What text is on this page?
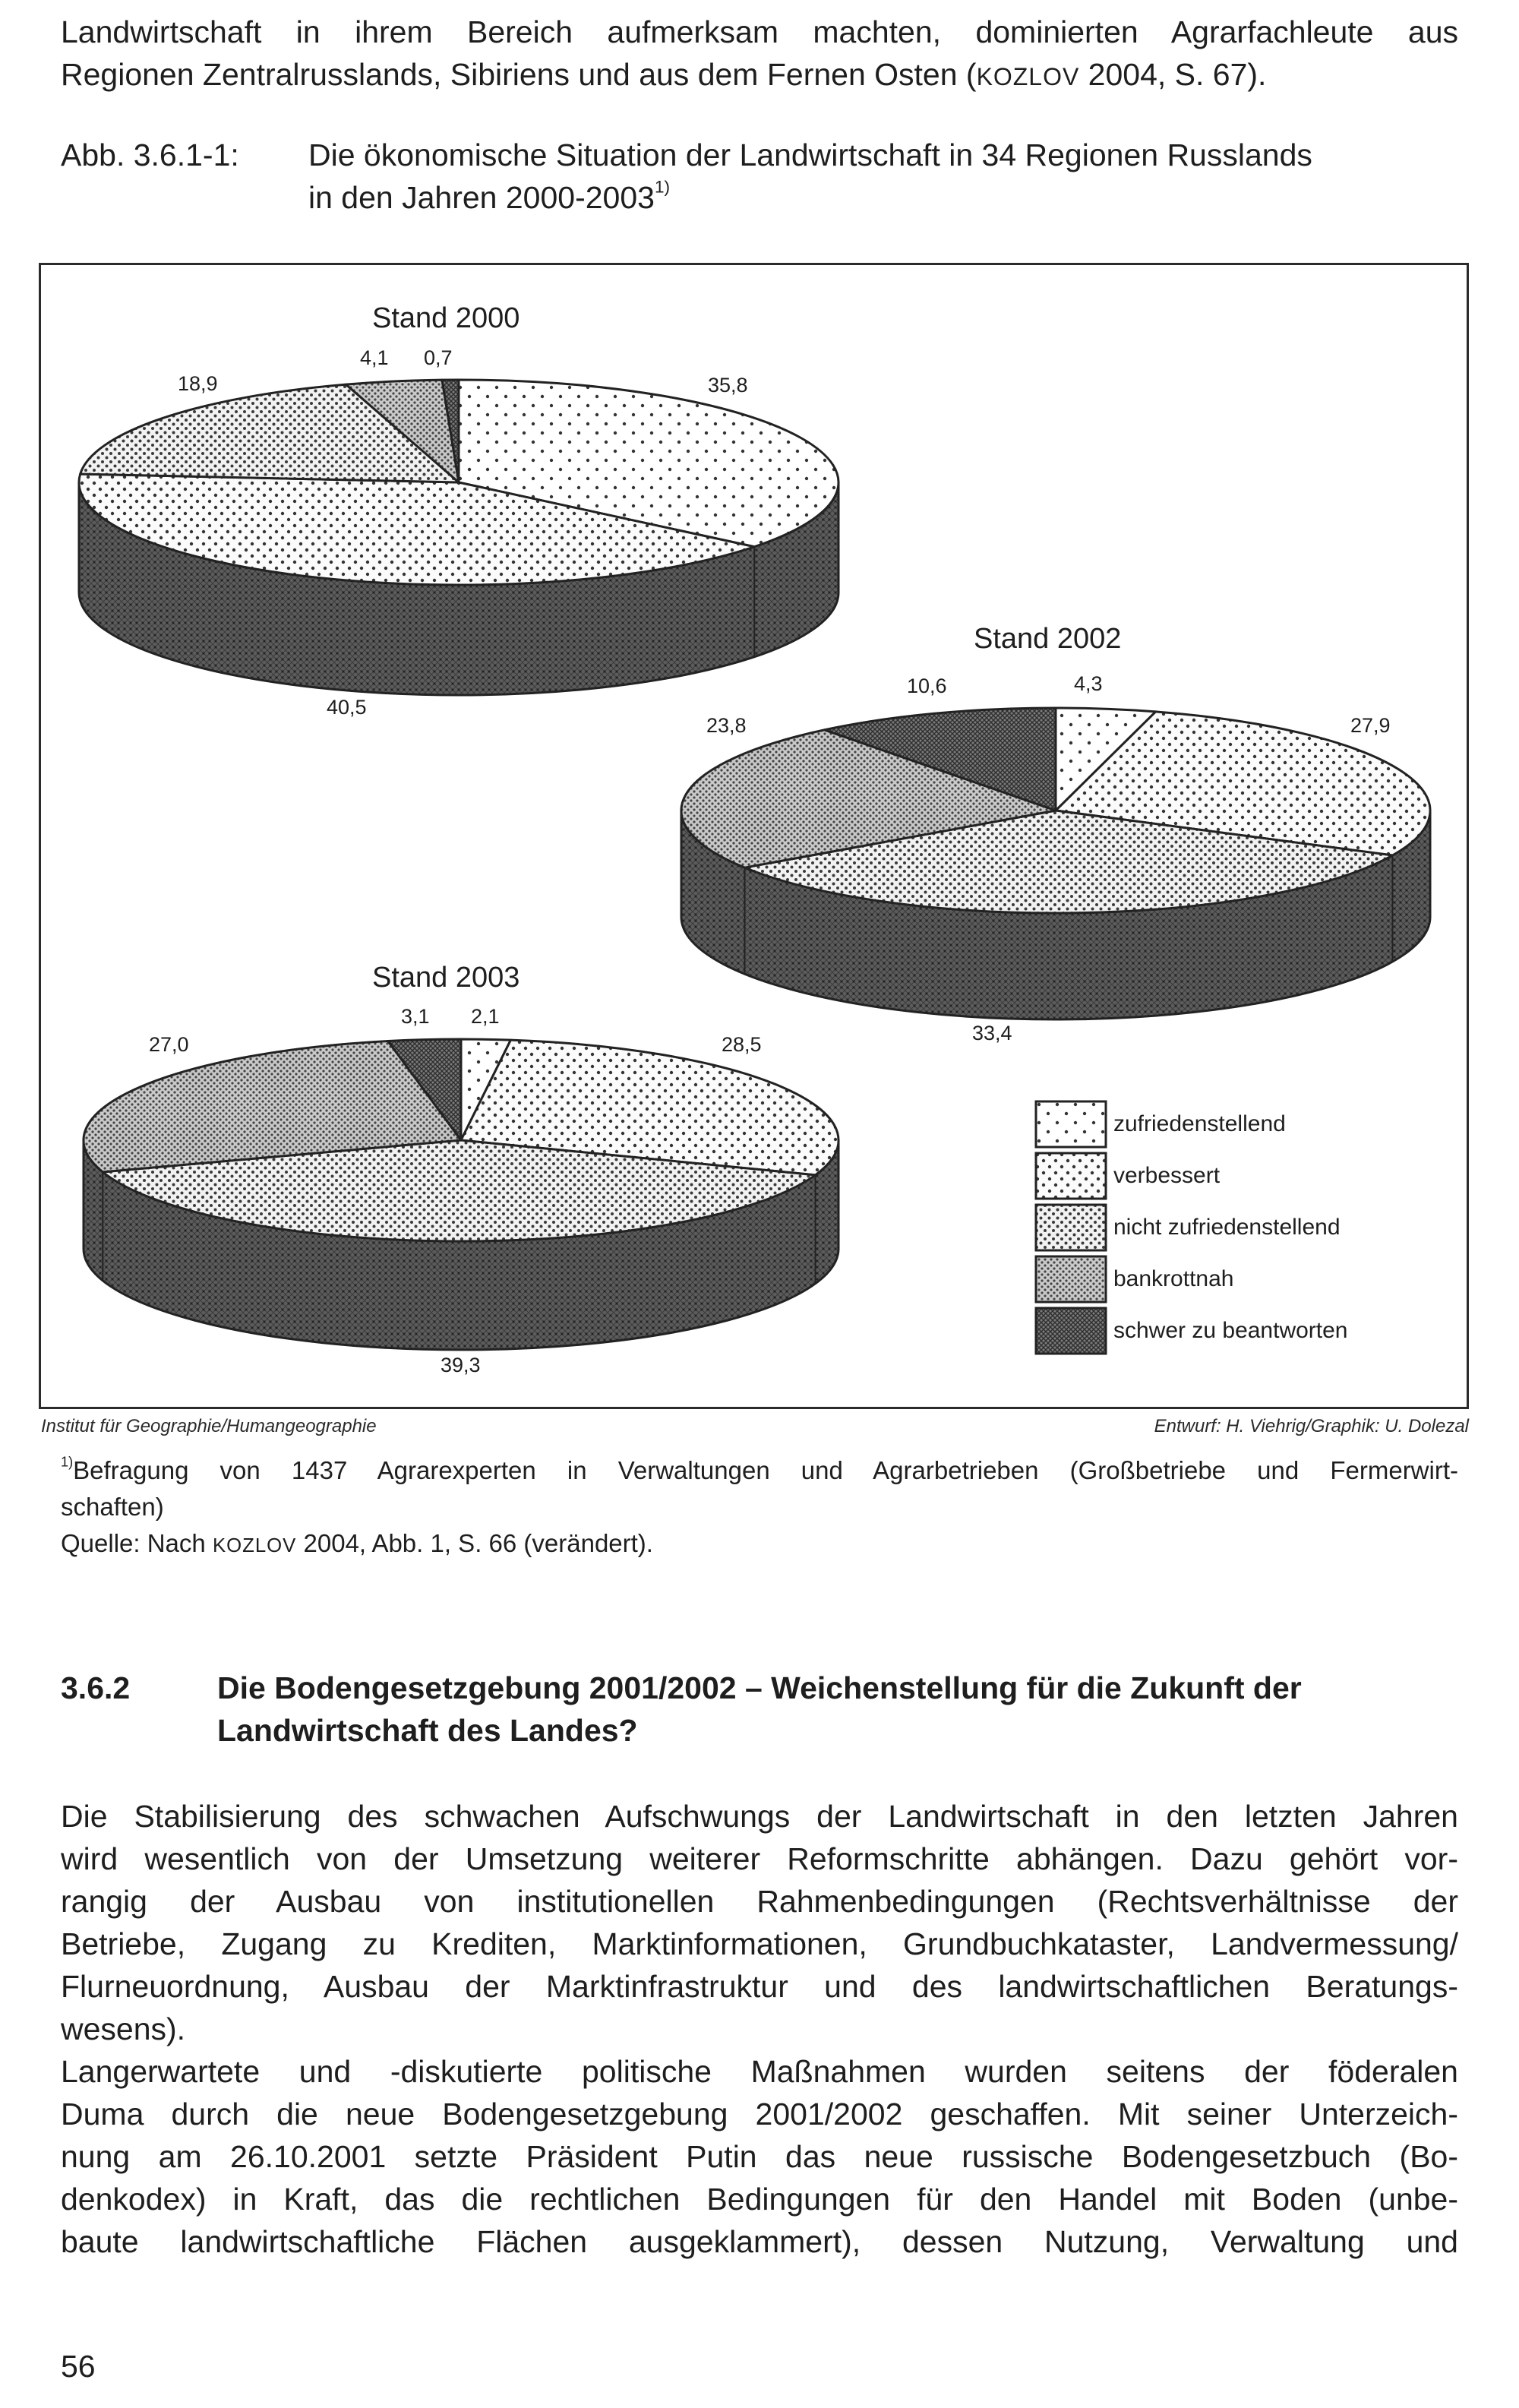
Landwirtschaft in ihrem Bereich aufmerksam machten, dominierten Agrarfachleute aus
Regionen Zentralrusslands, Sibiriens und aus dem Fernen Osten (KOZLOV 2004, S. 67).
Abb. 3.6.1-1: Die ökonomische Situation der Landwirtschaft in 34 Regionen Russlands
in den Jahren 2000-2003$^{1)}$
Stand 2000
Stand 2002
Stand 2003
35,8
40,5
18,9
4,1 0,7
4,3
27,9
33,4
23,8
10,6
2,1
28,5
39,3
27,0
3,1
zufriedenstellend
verbessert
nicht zufriedenstellend
bankrottnah
schwer zu beantworten
Institut für Geographie/Humangeographie	Entwurf: H. Viehrig/Graphik: U. Dolezal
$^{1)}$Befragung von 1437 Agrarexperten in Verwaltungen und Agrarbetrieben (Großbetriebe und Fermerwirt-
schaften)
Quelle: Nach KOZLOV 2004, Abb. 1, S. 66 (verändert).
3.6.2	Die Bodengesetzgebung 2001/2002 – Weichenstellung für die Zukunft der
Landwirtschaft des Landes?
Die Stabilisierung des schwachen Aufschwungs der Landwirtschaft in den letzten Jahren
wird wesentlich von der Umsetzung weiterer Reformschritte abhängen. Dazu gehört vor-
rangig der Ausbau von institutionellen Rahmenbedingungen (Rechtsverhältnisse der
Betriebe, Zugang zu Krediten, Marktinformationen, Grundbuchkataster, Landvermessung/
Flurneuordnung, Ausbau der Marktinfrastruktur und des landwirtschaftlichen Beratungs-
wesens).
Langerwartete und -diskutierte politische Maßnahmen wurden seitens der föderalen
Duma durch die neue Bodengesetzgebung 2001/2002 geschaffen. Mit seiner Unterzeich-
nung am 26.10.2001 setzte Präsident Putin das neue russische Bodengesetzbuch (Bo-
denkodex) in Kraft, das die rechtlichen Bedingungen für den Handel mit Boden (unbe-
baute landwirtschaftliche Flächen ausgeklammert), dessen Nutzung, Verwaltung und
56
